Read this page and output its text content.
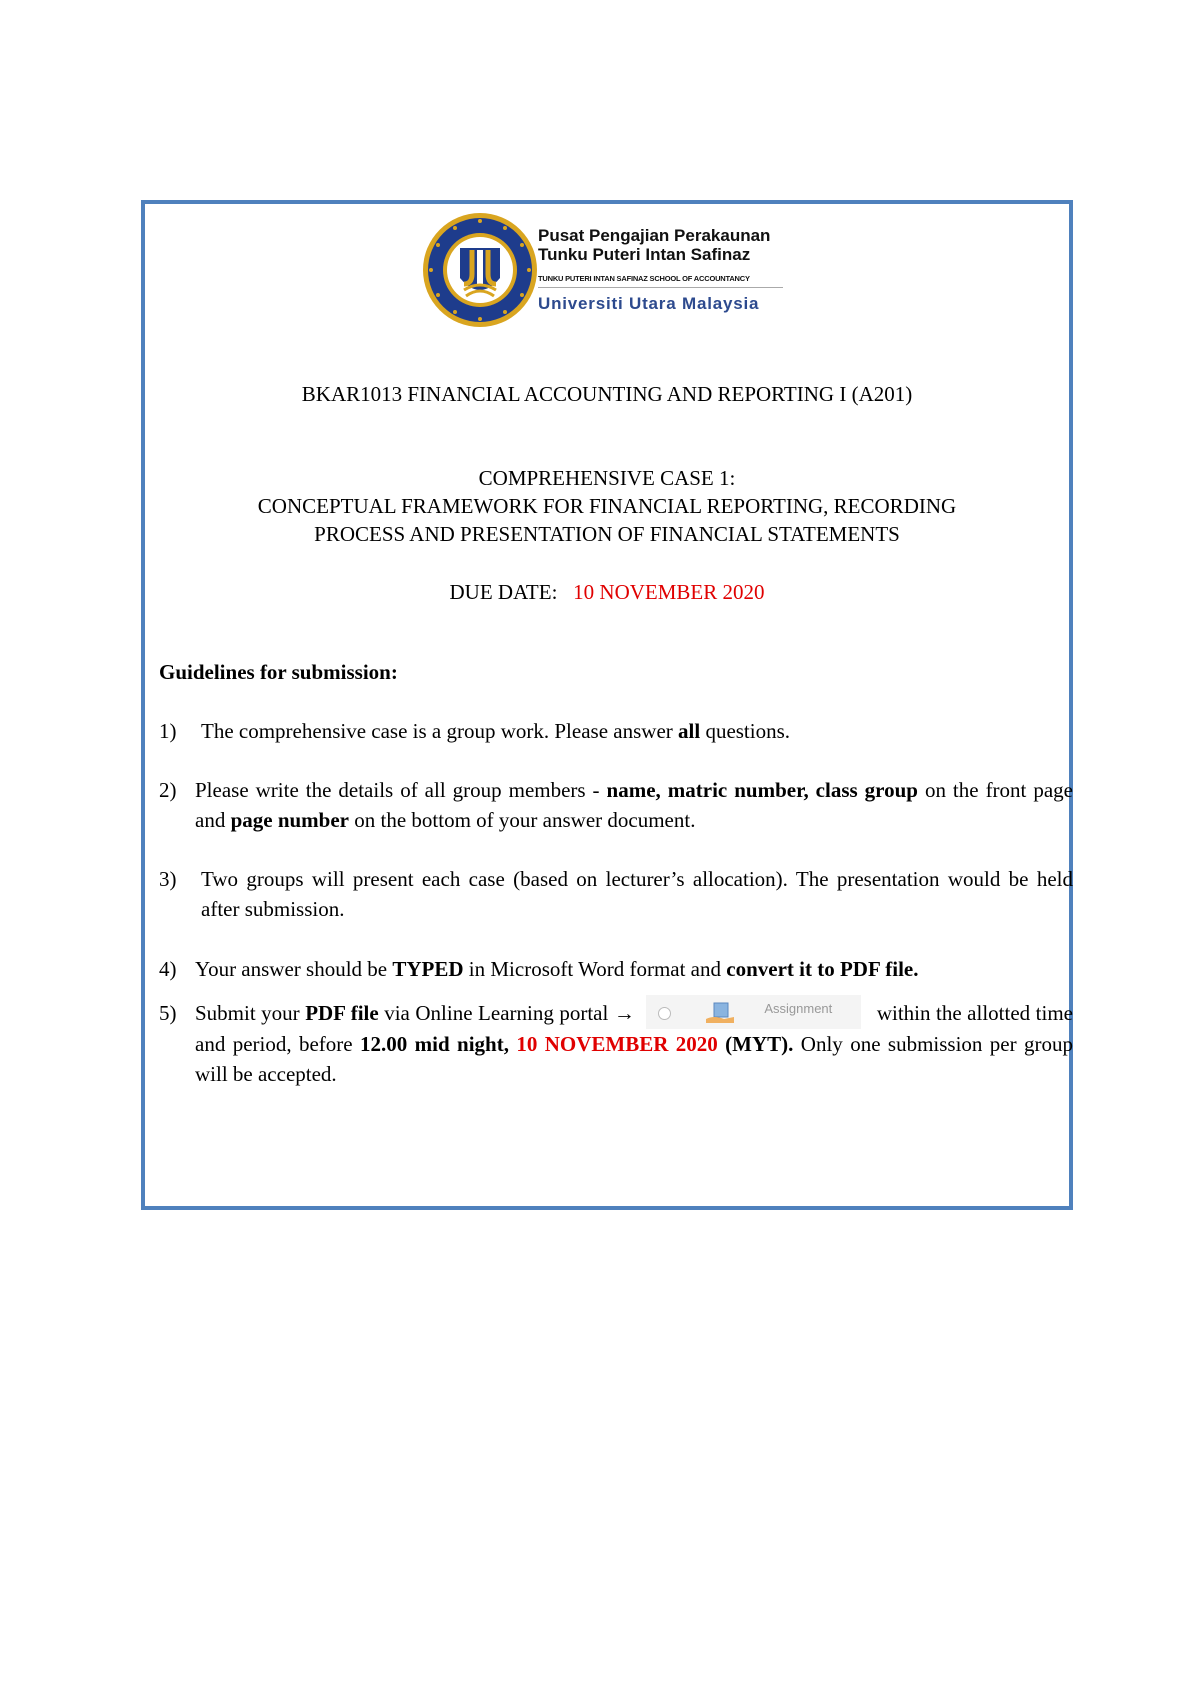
Pusat Pengajian Perakaunan
Tunku Puteri Intan Safinaz
TUNKU PUTERI INTAN SAFINAZ SCHOOL OF ACCOUNTANCY
Universiti Utara Malaysia
BKAR1013 FINANCIAL ACCOUNTING AND REPORTING I (A201)
COMPREHENSIVE CASE 1:
CONCEPTUAL FRAMEWORK FOR FINANCIAL REPORTING, RECORDING
PROCESS AND PRESENTATION OF FINANCIAL STATEMENTS
DUE DATE: 10 NOVEMBER 2020
Guidelines for submission:
1) The comprehensive case is a group work. Please answer all questions.
2) Please write the details of all group members - name, matric number, class group on the front page and page number on the bottom of your answer document.
3) Two groups will present each case (based on lecturer’s allocation). The presentation would be held after submission.
4) Your answer should be TYPED in Microsoft Word format and convert it to PDF file.
5) Submit your PDF file via Online Learning portal →	Assignment within the allotted time and period, before 12.00 mid night, 10 NOVEMBER 2020 (MYT). Only one submission per group will be accepted.
